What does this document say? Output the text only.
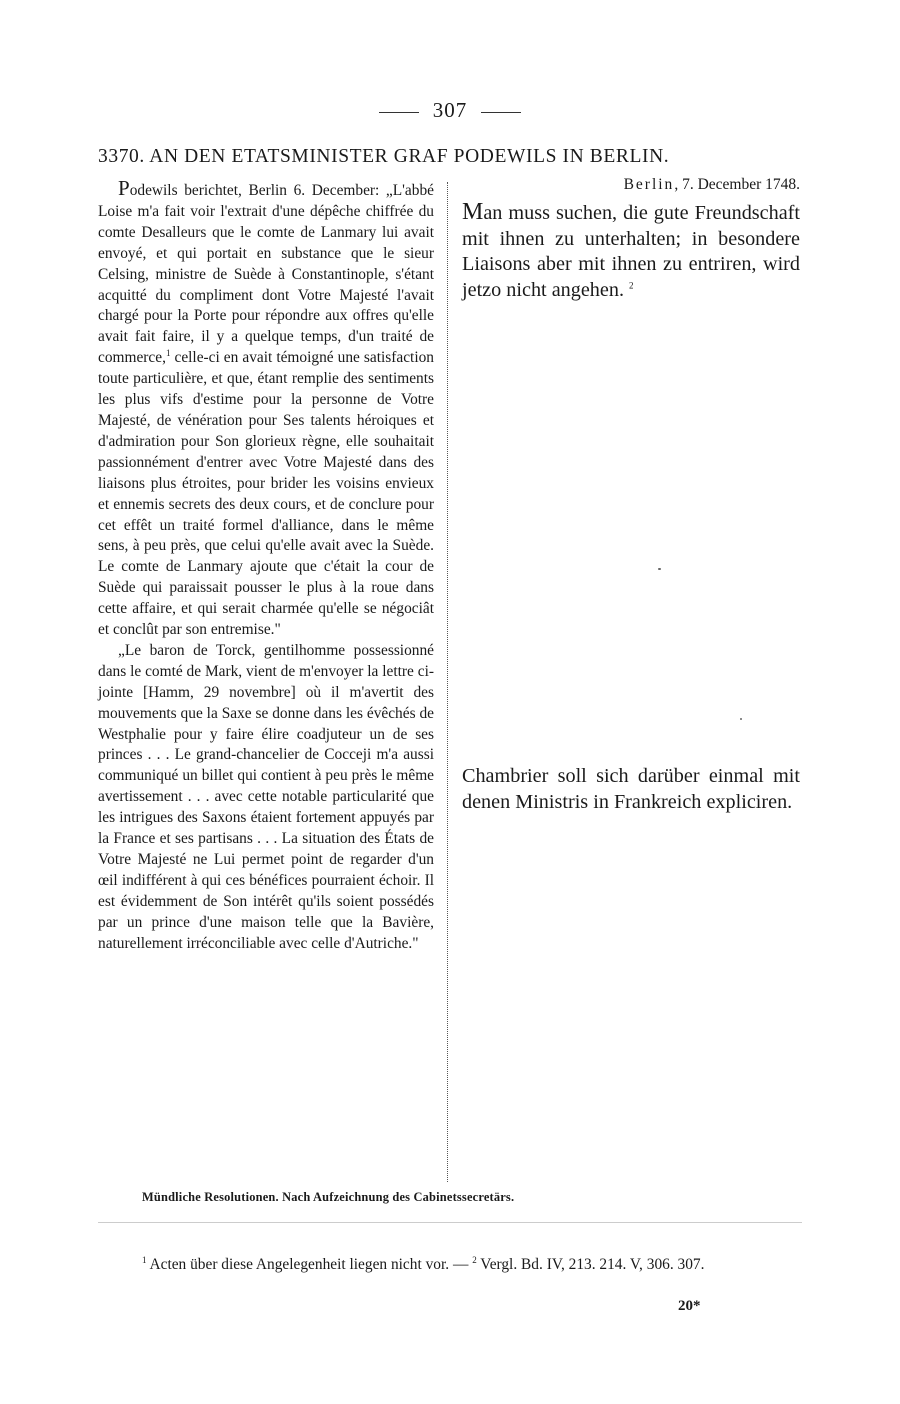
307
3370. AN DEN ETATSMINISTER GRAF PODEWILS IN BERLIN.

Podewils berichtet, Berlin 6. December: „L'abbé Loise m'a fait voir l'extrait d'une dépêche chiffrée du comte Desalleurs que le comte de Lanmary lui avait envoyé, et qui portait en substance que le sieur Celsing, ministre de Suède à Constantinople, s'étant acquitté du compliment dont Votre Majesté l'avait chargé pour la Porte pour répondre aux offres qu'elle avait fait faire, il y a quelque temps, d'un traité de commerce,$^1$ celle-ci en avait témoigné une satisfaction toute particulière, et que, étant remplie des sentiments les plus vifs d'estime pour la personne de Votre Majesté, de vénération pour Ses talents héroiques et d'admiration pour Son glorieux règne, elle souhaitait passionnément d'entrer avec Votre Majesté dans des liaisons plus étroites, pour brider les voisins envieux et ennemis secrets des deux cours, et de conclure pour cet effêt un traité formel d'alliance, dans le même sens, à peu près, que celui qu'elle avait avec la Suède. Le comte de Lanmary ajoute que c'était la cour de Suède qui paraissait pousser le plus à la roue dans cette affaire, et qui serait charmée qu'elle se négociât et conclût par son entremise."

„Le baron de Torck, gentilhomme possessionné dans le comté de Mark, vient de m'envoyer la lettre ci-jointe [Hamm, 29 novembre] où il m'avertit des mouvements que la Saxe se donne dans les évêchés de Westphalie pour y faire élire coadjuteur un de ses princes . . . Le grand-chancelier de Cocceji m'a aussi communiqué un billet qui contient à peu près le même avertissement . . . avec cette notable particularité que les intrigues des Saxons étaient fortement appuyés par la France et ses partisans . . . La situation des États de Votre Majesté ne Lui permet point de regarder d'un œil indifférent à qui ces bénéfices pourraient échoir. Il est évidemment de Son intérêt qu'ils soient possédés par un prince d'une maison telle que la Bavière, naturellement irréconciliable avec celle d'Autriche."

Berlin, 7. December 1748.
Man muss suchen, die gute Freundschaft mit ihnen zu unterhalten; in besondere Liaisons aber mit ihnen zu entriren, wird jetzo nicht angehen. $^2$
Chambrier soll sich darüber einmal mit denen Ministris in Frankreich expliciren.
Mündliche Resolutionen. Nach Aufzeichnung des Cabinetssecretärs.
$^1$ Acten über diese Angelegenheit liegen nicht vor. — $^2$ Vergl. Bd. IV, 213. 214. V, 306. 307.
20*
